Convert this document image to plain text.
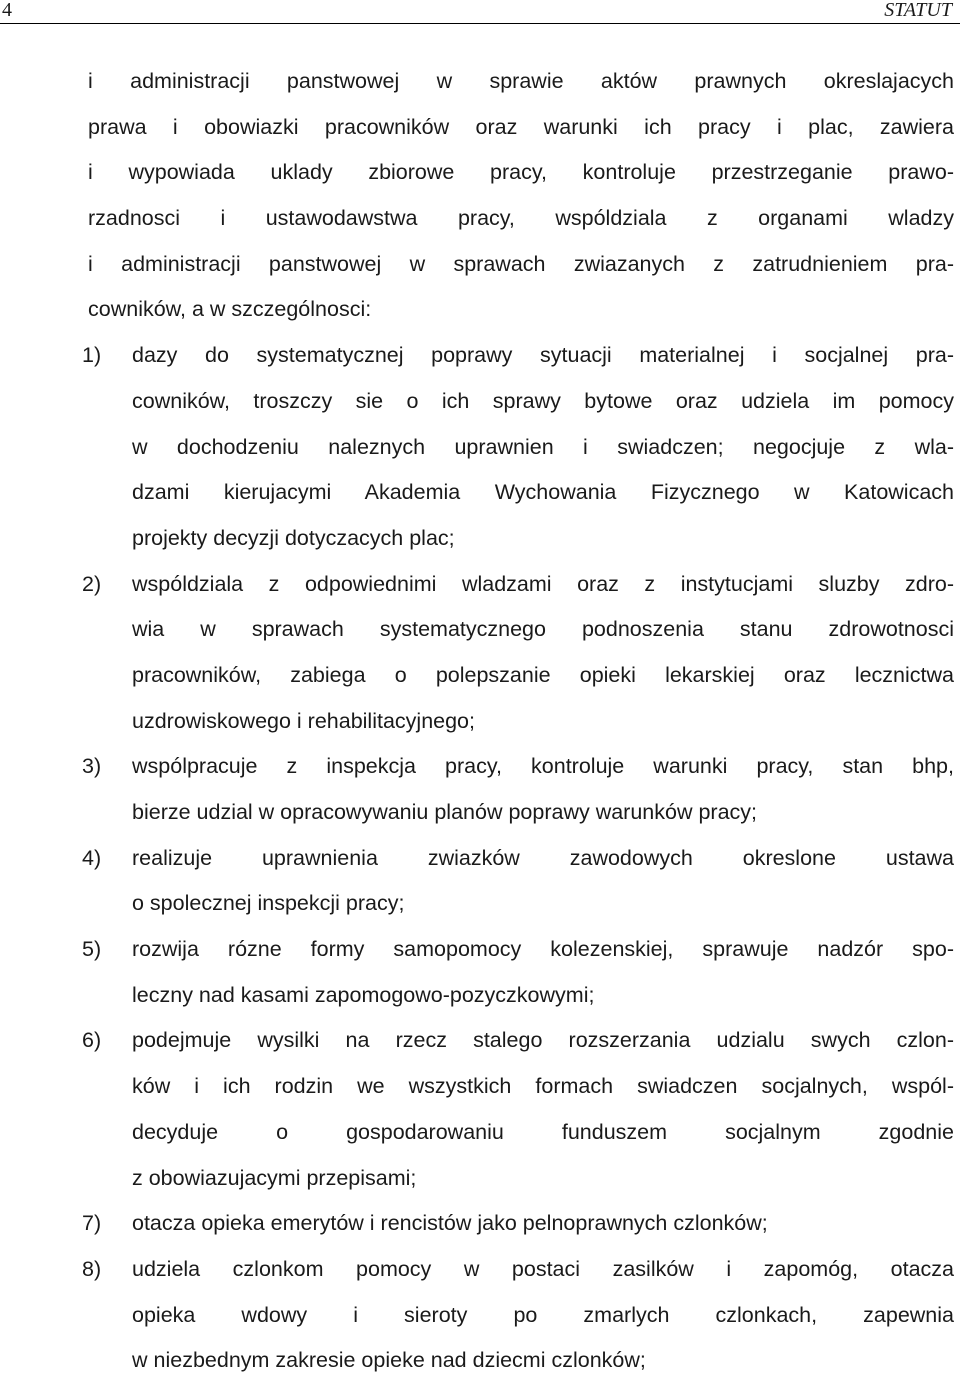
4	STATUT
i administracji panstwowej w sprawie aktów prawnych okreslajacych
prawa i obowiazki pracowników oraz warunki ich pracy i plac, zawiera
i wypowiada uklady zbiorowe pracy, kontroluje przestrzeganie prawo-
rzadnosci i ustawodawstwa pracy, wspóldziala z organami wladzy
i administracji panstwowej w sprawach zwiazanych z zatrudnieniem pra-
cowników, a w szczególnosci:
1) dazy do systematycznej poprawy sytuacji materialnej i socjalnej pra-
cowników, troszczy sie o ich sprawy bytowe oraz udziela im pomocy
w dochodzeniu naleznych uprawnien i swiadczen; negocjuje z wla-
dzami kierujacymi Akademia Wychowania Fizycznego w Katowicach
projekty decyzji dotyczacych plac;
2) wspóldziala z odpowiednimi wladzami oraz z instytucjami sluzby zdro-
wia w sprawach systematycznego podnoszenia stanu zdrowotnosci
pracowników, zabiega o polepszanie opieki lekarskiej oraz lecznictwa
uzdrowiskowego i rehabilitacyjnego;
3) wspólpracuje z inspekcja pracy, kontroluje warunki pracy, stan bhp,
bierze udzial w opracowywaniu planów poprawy warunków pracy;
4) realizuje uprawnienia zwiazków zawodowych okreslone ustawa
o spolecznej inspekcji pracy;
5) rozwija rózne formy samopomocy kolezenskiej, sprawuje nadzór spo-
leczny nad kasami zapomogowo-pozyczkowymi;
6) podejmuje wysilki na rzecz stalego rozszerzania udzialu swych czlon-
ków i ich rodzin we wszystkich formach swiadczen socjalnych, wspól-
decyduje o gospodarowaniu funduszem socjalnym zgodnie
z obowiazujacymi przepisami;
7) otacza opieka emerytów i rencistów jako pelnoprawnych czlonków;
8) udziela czlonkom pomocy w postaci zasilków i zapomóg, otacza
opieka wdowy i sieroty po zmarlych czlonkach, zapewnia
w niezbednym zakresie opieke nad dziecmi czlonków;
